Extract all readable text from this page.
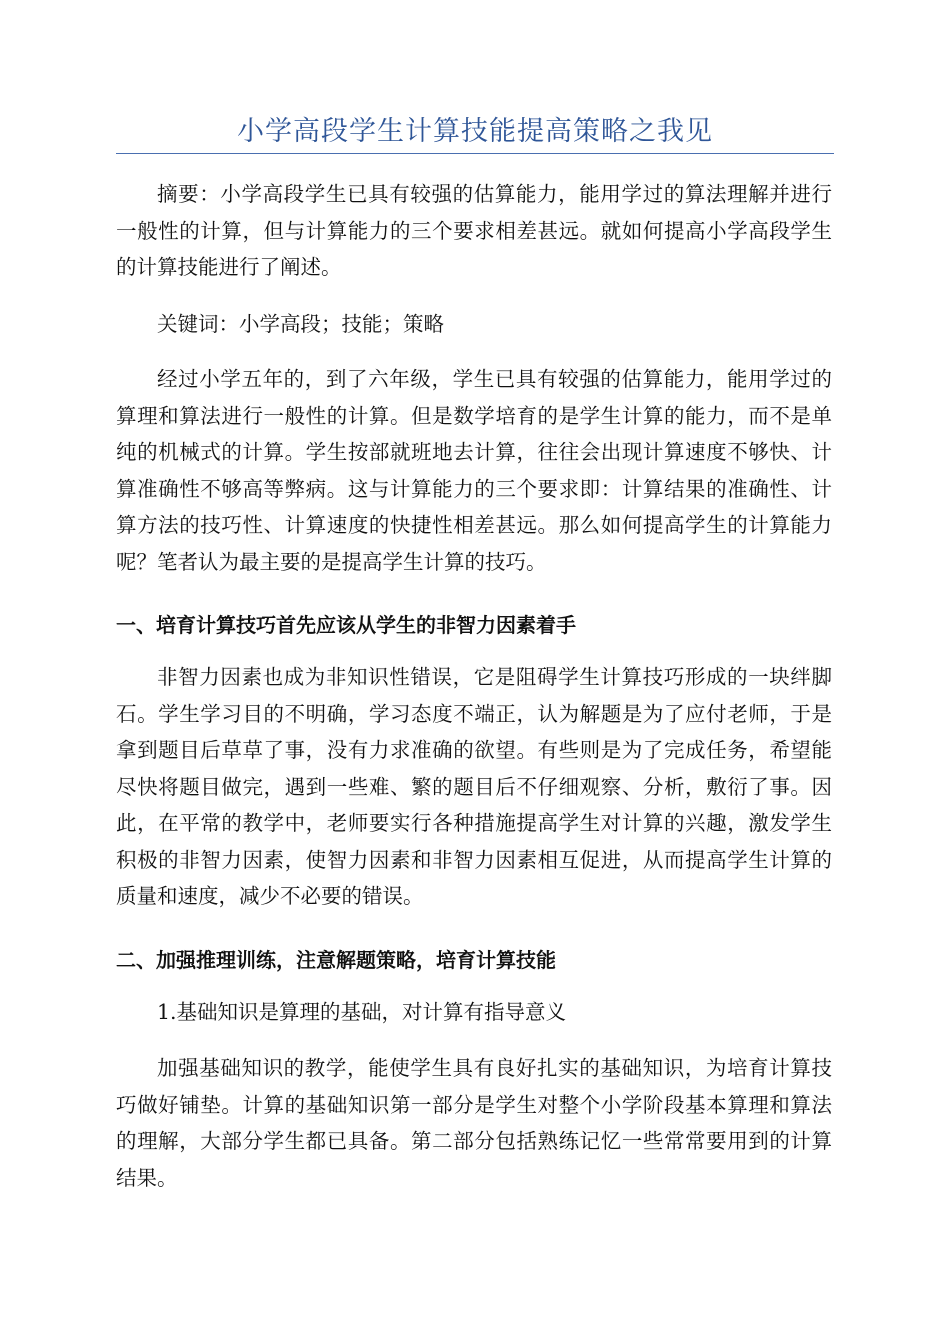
小学高段学生计算技能提高策略之我见

摘要：小学高段学生已具有较强的估算能力，能用学过的算法理解并进行一般性的计算，但与计算能力的三个要求相差甚远。就如何提高小学高段学生的计算技能进行了阐述。

关键词：小学高段；技能；策略

经过小学五年的，到了六年级，学生已具有较强的估算能力，能用学过的算理和算法进行一般性的计算。但是数学培育的是学生计算的能力，而不是单纯的机械式的计算。学生按部就班地去计算，往往会出现计算速度不够快、计算准确性不够高等弊病。这与计算能力的三个要求即：计算结果的准确性、计算方法的技巧性、计算速度的快捷性相差甚远。那么如何提高学生的计算能力呢？笔者认为最主要的是提高学生计算的技巧。

一、培育计算技巧首先应该从学生的非智力因素着手

非智力因素也成为非知识性错误，它是阻碍学生计算技巧形成的一块绊脚石。学生学习目的不明确，学习态度不端正，认为解题是为了应付老师，于是拿到题目后草草了事，没有力求准确的欲望。有些则是为了完成任务，希望能尽快将题目做完，遇到一些难、繁的题目后不仔细观察、分析，敷衍了事。因此，在平常的教学中，老师要实行各种措施提高学生对计算的兴趣，激发学生积极的非智力因素，使智力因素和非智力因素相互促进，从而提高学生计算的质量和速度，减少不必要的错误。

二、加强推理训练，注意解题策略，培育计算技能

1.基础知识是算理的基础，对计算有指导意义

加强基础知识的教学，能使学生具有良好扎实的基础知识，为培育计算技巧做好铺垫。计算的基础知识第一部分是学生对整个小学阶段基本算理和算法的理解，大部分学生都已具备。第二部分包括熟练记忆一些常常要用到的计算结果。
